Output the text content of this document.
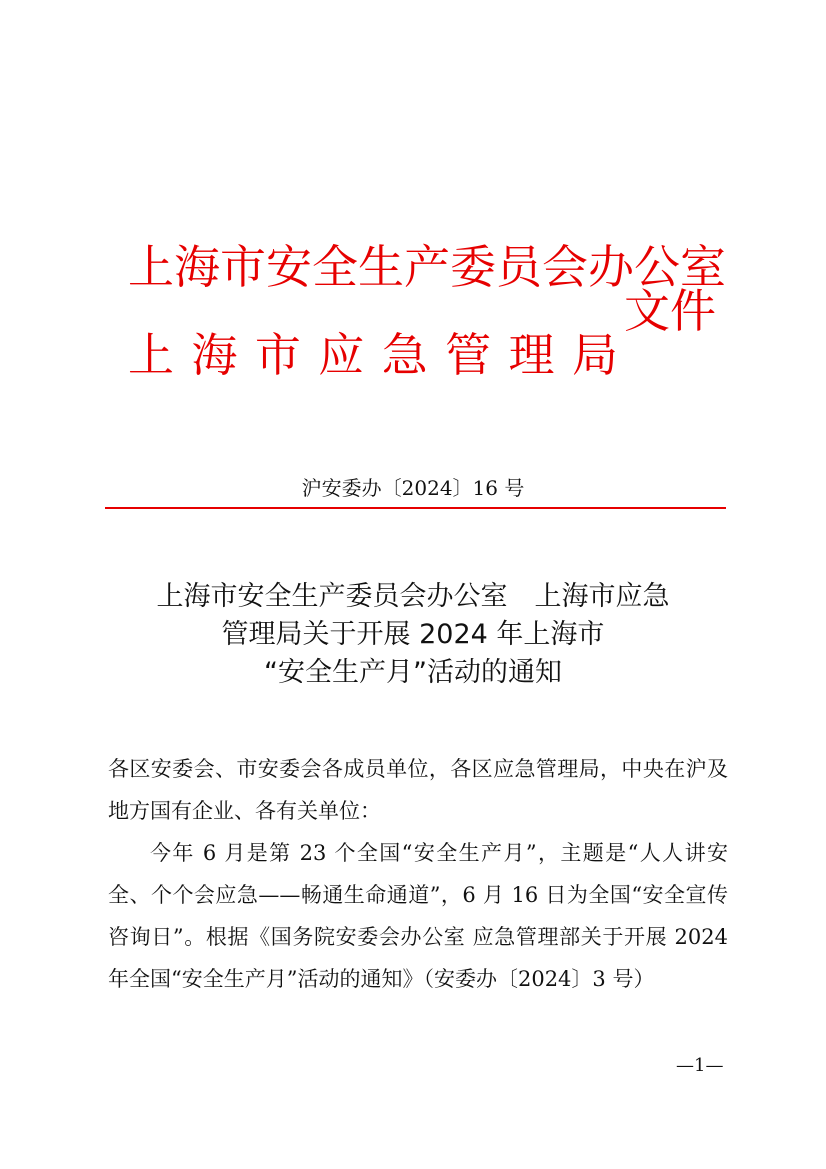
上 海 市 安 全 生 产 委 员 会 办 公 室
上 海 市 应 急 管 理 局
文件
沪安委办〔2024〕16 号
上海市安全生产委员会办公室　上海市应急
管理局关于开展 2024 年上海市
“安全生产月”活动的通知

各区安委会、市安委会各成员单位，各区应急管理局，中央在沪及地方国有企业、各有关单位：

今年 6 月是第 23 个全国“安全生产月”，主题是“人人讲安全、个个会应急——畅通生命通道”，6 月 16 日为全国“安全宣传咨询日”。根据《国务院安委会办公室 应急管理部关于开展 2024 年全国“安全生产月”活动的通知》（安委办〔2024〕3 号）

—1—
